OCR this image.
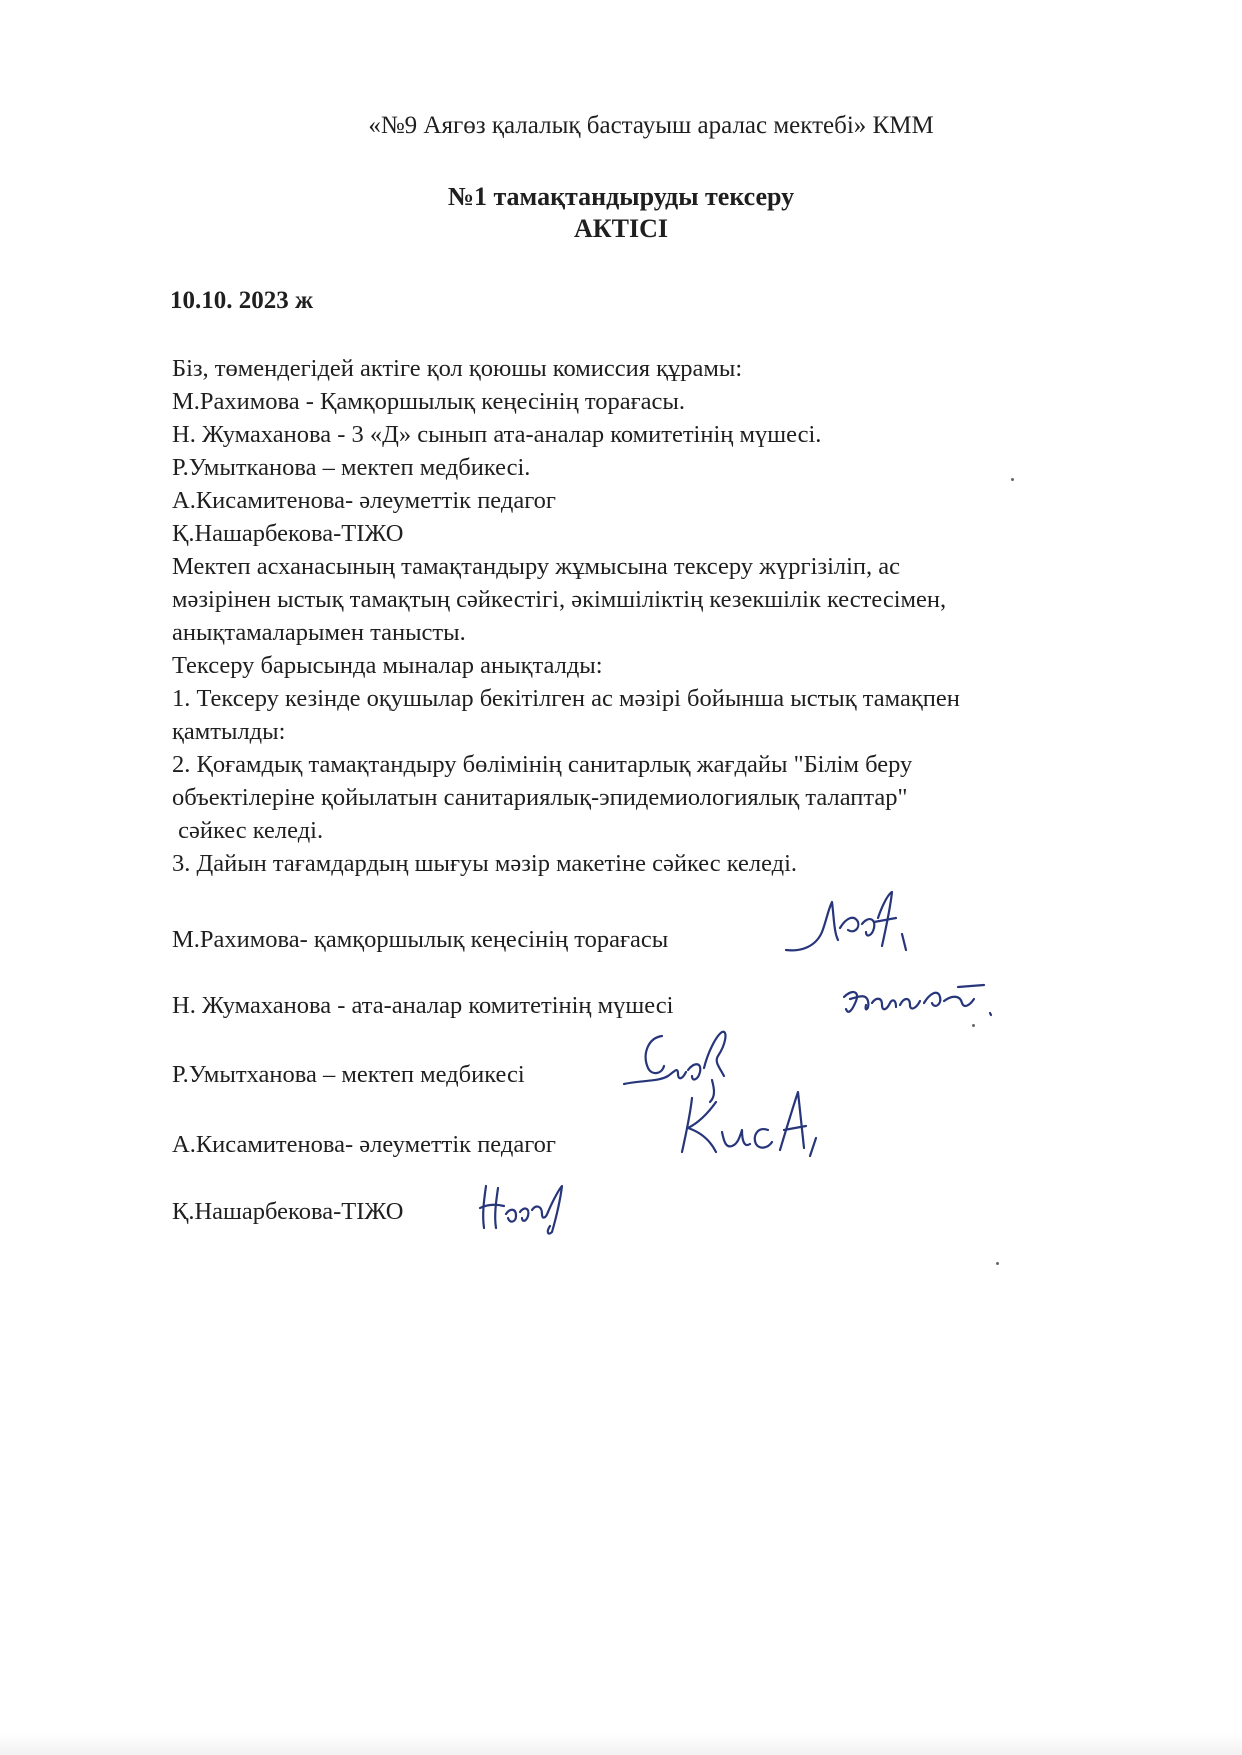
«№9 Аягөз қалалық бастауыш аралас мектебі» КММ
№1 тамақтандыруды тексеру
АКТІСІ
10.10. 2023 ж
Біз, төмендегідей актіге қол қоюшы комиссия құрамы:
М.Рахимова - Қамқоршылық кеңесінің торағасы.
Н. Жумаханова - 3 «Д» сынып ата-аналар комитетінің мүшесі.
Р.Умытканова – мектеп медбикесі.
А.Кисамитенова- әлеуметтік педагог
Қ.Нашарбекова-ТІЖО
Мектеп асханасының тамақтандыру жұмысына тексеру жүргізіліп, ас
мәзірінен ыстық тамақтың сәйкестігі, әкімшіліктің кезекшілік кестесімен,
анықтамаларымен танысты.
Тексеру барысында мыналар анықталды:
1. Тексеру кезінде оқушылар бекітілген ас мәзірі бойынша ыстық тамақпен
қамтылды:
2. Қоғамдық тамақтандыру бөлімінің санитарлық жағдайы "Білім беру
объектілеріне қойылатын санитариялық-эпидемиологиялық талаптар"
сәйкес келеді.
3. Дайын тағамдардың шығуы мәзір макетіне сәйкес келеді.
М.Рахимова- қамқоршылық кеңесінің торағасы
Н. Жумаханова - ата-аналар комитетінің мүшесі
Р.Умытханова – мектеп медбикесі
А.Кисамитенова- әлеуметтік педагог
Қ.Нашарбекова-ТІЖО
